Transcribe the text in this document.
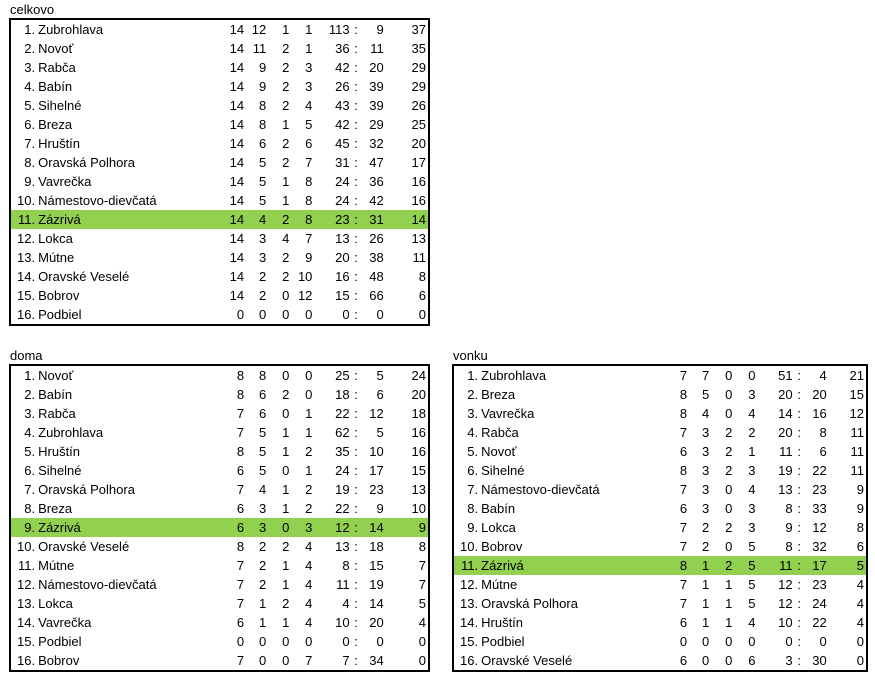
celkovo
1.	Zubrohlava	14	12	1	1	113	:	9	37
2.	Novoť	14	11	2	1	36	:	11	35
3.	Rabča	14	9	2	3	42	:	20	29
4.	Babín	14	9	2	3	26	:	39	29
5.	Sihelné	14	8	2	4	43	:	39	26
6.	Breza	14	8	1	5	42	:	29	25
7.	Hruštín	14	6	2	6	45	:	32	20
8.	Oravská Polhora	14	5	2	7	31	:	47	17
9.	Vavrečka	14	5	1	8	24	:	36	16
10.	Námestovo-dievčatá	14	5	1	8	24	:	42	16
11.	Zázrivá	14	4	2	8	23	:	31	14
12.	Lokca	14	3	4	7	13	:	26	13
13.	Mútne	14	3	2	9	20	:	38	11
14.	Oravské Veselé	14	2	2	10	16	:	48	8
15.	Bobrov	14	2	0	12	15	:	66	6
16.	Podbiel	0	0	0	0	0	:	0	0
doma
1.	Novoť	8	8	0	0	25	:	5	24
2.	Babín	8	6	2	0	18	:	6	20
3.	Rabča	7	6	0	1	22	:	12	18
4.	Zubrohlava	7	5	1	1	62	:	5	16
5.	Hruštín	8	5	1	2	35	:	10	16
6.	Sihelné	6	5	0	1	24	:	17	15
7.	Oravská Polhora	7	4	1	2	19	:	23	13
8.	Breza	6	3	1	2	22	:	9	10
9.	Zázrivá	6	3	0	3	12	:	14	9
10.	Oravské Veselé	8	2	2	4	13	:	18	8
11.	Mútne	7	2	1	4	8	:	15	7
12.	Námestovo-dievčatá	7	2	1	4	11	:	19	7
13.	Lokca	7	1	2	4	4	:	14	5
14.	Vavrečka	6	1	1	4	10	:	20	4
15.	Podbiel	0	0	0	0	0	:	0	0
16.	Bobrov	7	0	0	7	7	:	34	0
vonku
1.	Zubrohlava	7	7	0	0	51	:	4	21
2.	Breza	8	5	0	3	20	:	20	15
3.	Vavrečka	8	4	0	4	14	:	16	12
4.	Rabča	7	3	2	2	20	:	8	11
5.	Novoť	6	3	2	1	11	:	6	11
6.	Sihelné	8	3	2	3	19	:	22	11
7.	Námestovo-dievčatá	7	3	0	4	13	:	23	9
8.	Babín	6	3	0	3	8	:	33	9
9.	Lokca	7	2	2	3	9	:	12	8
10.	Bobrov	7	2	0	5	8	:	32	6
11.	Zázrivá	8	1	2	5	11	:	17	5
12.	Mútne	7	1	1	5	12	:	23	4
13.	Oravská Polhora	7	1	1	5	12	:	24	4
14.	Hruštín	6	1	1	4	10	:	22	4
15.	Podbiel	0	0	0	0	0	:	0	0
16.	Oravské Veselé	6	0	0	6	3	:	30	0
